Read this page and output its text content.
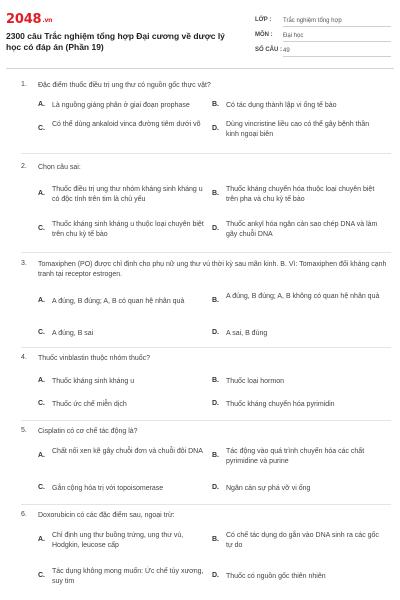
$2048^{.vn}$
2300 câu Trắc nghiệm tổng hợp Đại cương về dược lý học có đáp án (Phần 19)
LỚP : Trắc nghiệm tổng hợp
MÔN : Đại học
SỐ CÂU : 49
1. Đặc điểm thuốc điều trị ung thư có nguồn gốc thực vật?
A. Là nguồng giáng phân ở giai đoạn prophase	B. Có tác dụng thành lập vi ống tế bào
C.
Có thể dùng ankaloid vinca đường tiêm dưới võ
D.
Dùng vincristine liều cao có thể gây bệnh thần kinh ngoại biên
2. Chọn câu sai:
A.
Thuốc điều trị ung thư nhóm kháng sinh kháng u có độc tính trên tim là chủ yếu
B.
Thuốc kháng chuyển hóa thuộc loại chuyên biệt trên pha và chu kỳ tế bào
C.
Thuốc kháng sinh kháng u thuộc loại chuyên biệt trên chu kỳ tế bào
D.
Thuốc ankyl hóa ngăn cản sao chép DNA và làm gãy chuỗi DNA
3. Tomaxiphen (PO) được chỉ định cho phụ nữ ung thư vú thời kỳ sau mãn kinh. B. Vì: Tomaxiphen đối kháng cạnh tranh tại receptor estrogen.
A. A đúng, B đúng; A, B có quan hệ nhân quả	B.
A đúng, B đúng; A, B không có quan hệ nhân quả
C. A đúng, B sai	D. A sai, B đúng
4. Thuốc vinblastin thuộc nhóm thuốc?
A. Thuốc kháng sinh kháng u	B. Thuốc loại hormon
C. Thuốc ức chế miễn dịch	D. Thuốc kháng chuyển hóa pyrimidin
5. Cisplatin có cơ chế tác động là?
A.
Chất nối xen kẽ gây chuỗi đơn và chuỗi đôi DNA
B.
Tác động vào quá trình chuyển hóa các chất pyrimidine và purine
C. Gắn cộng hóa trị với topoisomerase	D. Ngăn cản sự phá vỡ vi ống
6. Doxorubicin có các đặc điểm sau, ngoại trừ:
A.
Chỉ định ung thư buồng trứng, ung thư vú, Hodgkin, leucose cấp
B.
Có chế tác dụng do gắn vào DNA sinh ra các gốc tự do
C.
Tác dụng không mong muốn: Ức chế tủy xương, suy tim
D. Thuốc có nguồn gốc thiên nhiên
